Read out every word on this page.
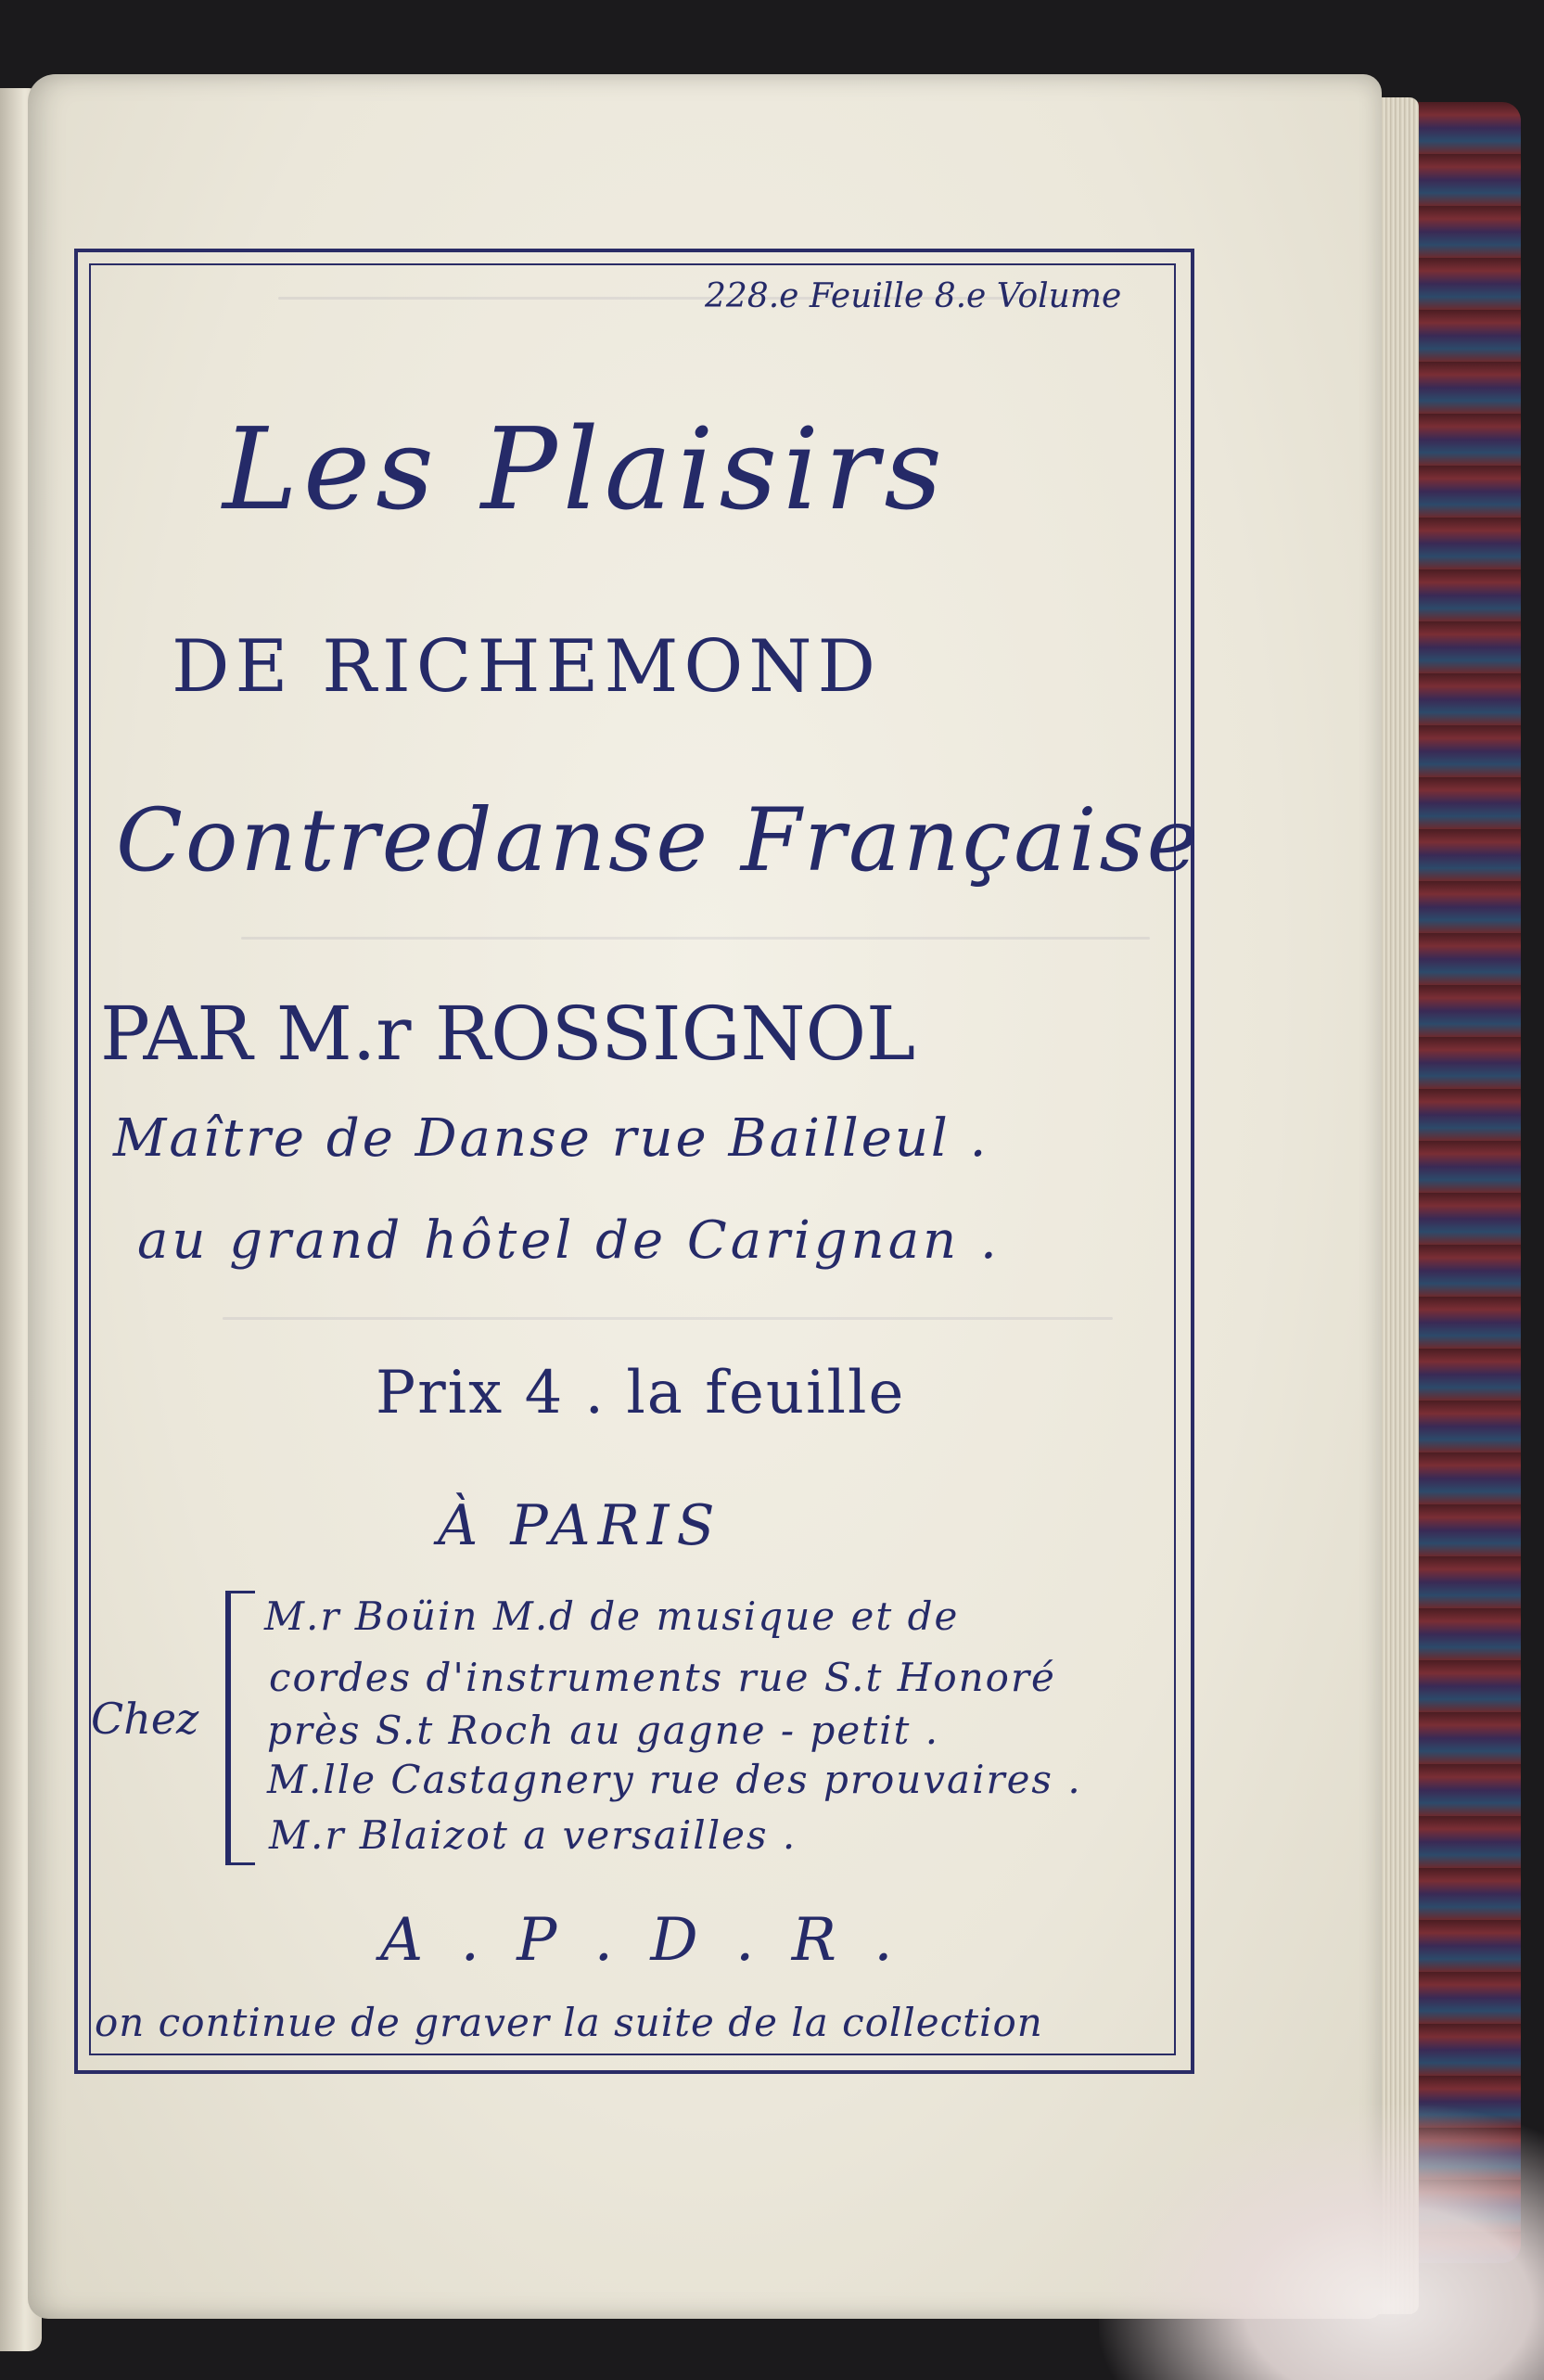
228.e Feuille 8.e Volume
Les Plaisirs
DE RICHEMOND
Contredanse Française
PAR M.r ROSSIGNOL
Maître de Danse rue Bailleul .
au grand hôtel de Carignan .
Prix 4 . la feuille
À PARIS
Chez
M.r Boüin M.d de musique et de
cordes d'instruments rue S.t Honoré
près S.t Roch au gagne - petit .
M.lle Castagnery rue des prouvaires .
M.r Blaizot a versailles .
A . P . D . R .
on continue de graver la suite de la collection
